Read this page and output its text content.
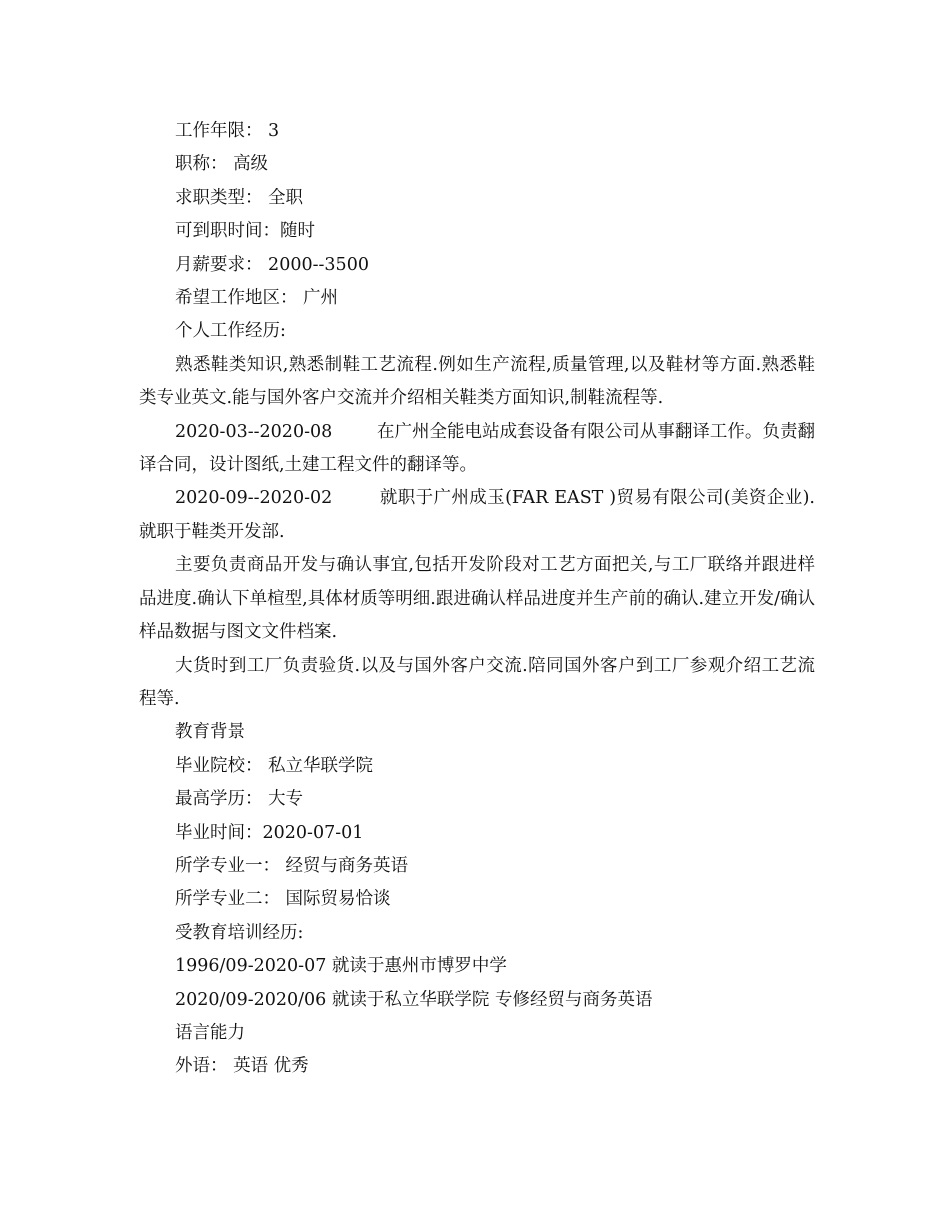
工作年限： 3

职称： 高级

求职类型： 全职

可到职时间：随时

月薪要求： 2000--3500

希望工作地区： 广州

个人工作经历:

熟悉鞋类知识,熟悉制鞋工艺流程.例如生产流程,质量管理,以及鞋材等方面.熟悉鞋类专业英文.能与国外客户交流并介绍相关鞋类方面知识,制鞋流程等.

2020-03--2020-08        在广州全能电站成套设备有限公司从事翻译工作。负责翻译合同，设计图纸,土建工程文件的翻译等。

2020-09--2020-02        就职于广州成玉(FAR EAST )贸易有限公司(美资企业). 就职于鞋类开发部.

主要负责商品开发与确认事宜,包括开发阶段对工艺方面把关,与工厂联络并跟进样品进度.确认下单楦型,具体材质等明细.跟进确认样品进度并生产前的确认.建立开发/确认样品数据与图文文件档案.

大货时到工厂负责验货.以及与国外客户交流.陪同国外客户到工厂参观介绍工艺流程等.

教育背景

毕业院校： 私立华联学院

最高学历： 大专

毕业时间：2020-07-01

所学专业一： 经贸与商务英语

所学专业二： 国际贸易恰谈

受教育培训经历:

1996/09-2020-07 就读于惠州市博罗中学

2020/09-2020/06 就读于私立华联学院 专修经贸与商务英语

语言能力

外语： 英语 优秀
